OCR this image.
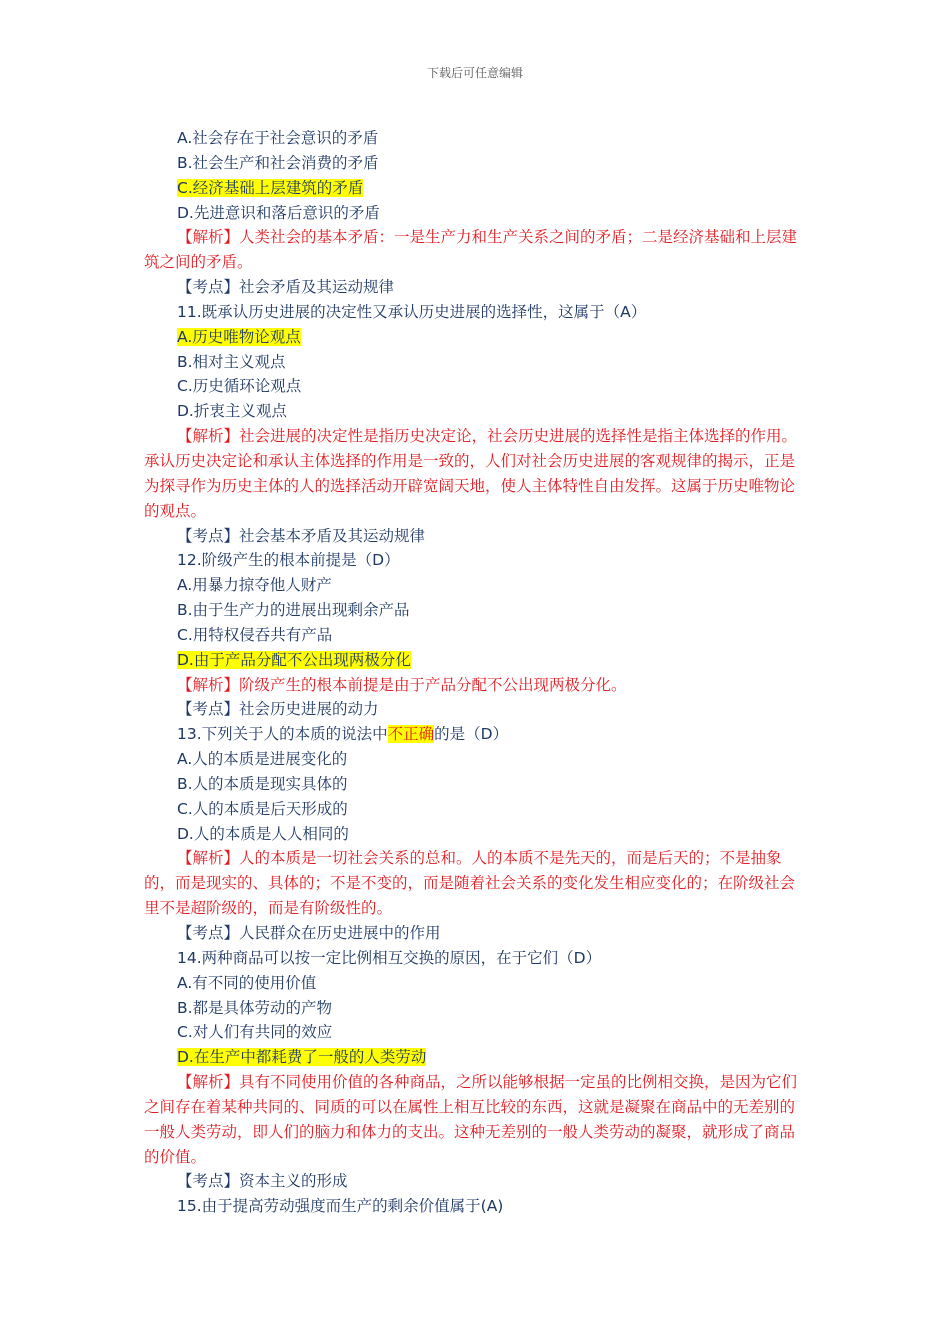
下载后可任意编辑
A.社会存在于社会意识的矛盾
B.社会生产和社会消费的矛盾
C.经济基础上层建筑的矛盾
D.先进意识和落后意识的矛盾
【解析】人类社会的基本矛盾：一是生产力和生产关系之间的矛盾；二是经济基础和上层建筑之间的矛盾。
【考点】社会矛盾及其运动规律
11.既承认历史进展的决定性又承认历史进展的选择性，这属于（A）
A.历史唯物论观点
B.相对主义观点
C.历史循环论观点
D.折衷主义观点
【解析】社会进展的决定性是指历史决定论，社会历史进展的选择性是指主体选择的作用。承认历史决定论和承认主体选择的作用是一致的，人们对社会历史进展的客观规律的揭示，正是为探寻作为历史主体的人的选择活动开辟宽阔天地，使人主体特性自由发挥。这属于历史唯物论的观点。
【考点】社会基本矛盾及其运动规律
12.阶级产生的根本前提是（D）
A.用暴力掠夺他人财产
B.由于生产力的进展出现剩余产品
C.用特权侵吞共有产品
D.由于产品分配不公出现两极分化
【解析】阶级产生的根本前提是由于产品分配不公出现两极分化。
【考点】社会历史进展的动力
13.下列关于人的本质的说法中不正确的是（D）
A.人的本质是进展变化的
B.人的本质是现实具体的
C.人的本质是后天形成的
D.人的本质是人人相同的
【解析】人的本质是一切社会关系的总和。人的本质不是先天的，而是后天的；不是抽象的，而是现实的、具体的；不是不变的，而是随着社会关系的变化发生相应变化的；在阶级社会里不是超阶级的，而是有阶级性的。
【考点】人民群众在历史进展中的作用
14.两种商品可以按一定比例相互交换的原因，在于它们（D）
A.有不同的使用价值
B.都是具体劳动的产物
C.对人们有共同的效应
D.在生产中都耗费了一般的人类劳动
【解析】具有不同使用价值的各种商品，之所以能够根据一定虽的比例相交换，是因为它们之间存在着某种共同的、同质的可以在属性上相互比较的东西，这就是凝聚在商品中的无差别的一般人类劳动，即人们的脑力和体力的支出。这种无差别的一般人类劳动的凝聚，就形成了商品的价值。
【考点】资本主义的形成
15.由于提高劳动强度而生产的剩余价值属于(A)
